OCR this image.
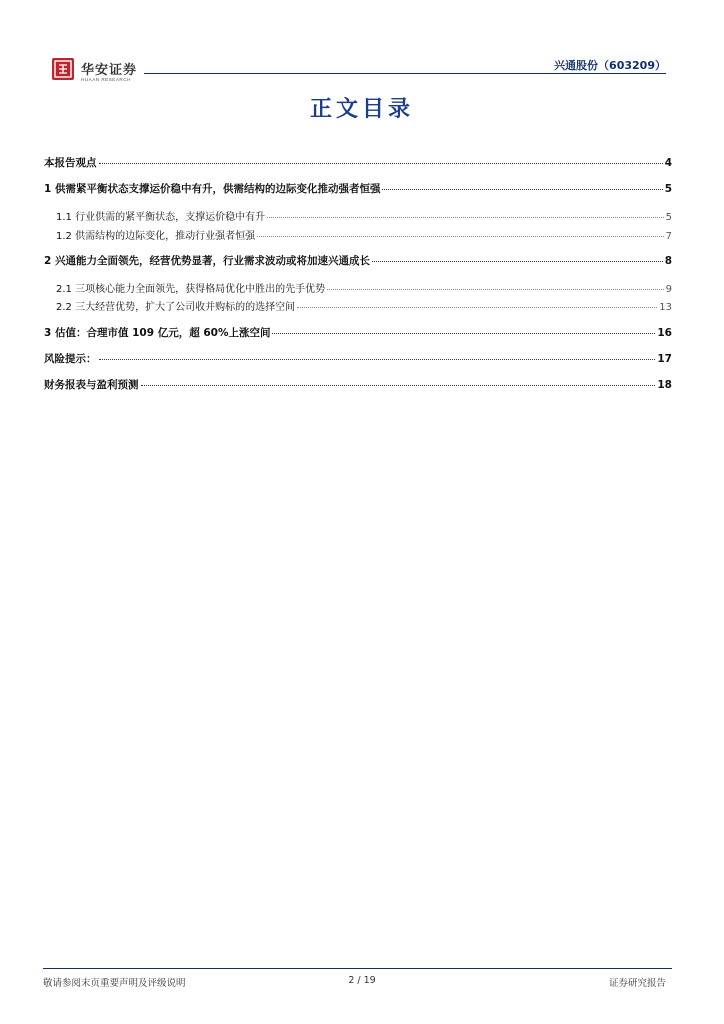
华安证券
HUAAN RESEARCH
兴通股份（603209）
正文目录
本报告观点	4
1 供需紧平衡状态支撑运价稳中有升，供需结构的边际变化推动强者恒强	5
1.1 行业供需的紧平衡状态，支撑运价稳中有升	5
1.2 供需结构的边际变化，推动行业强者恒强	7
2 兴通能力全面领先，经营优势显著，行业需求波动或将加速兴通成长	8
2.1 三项核心能力全面领先，获得格局优化中胜出的先手优势	9
2.2 三大经营优势，扩大了公司收并购标的的选择空间	13
3 估值：合理市值 109 亿元，超 60%上涨空间	16
风险提示：	17
财务报表与盈利预测	18
敬请参阅末页重要声明及评级说明	2 / 19	证券研究报告
